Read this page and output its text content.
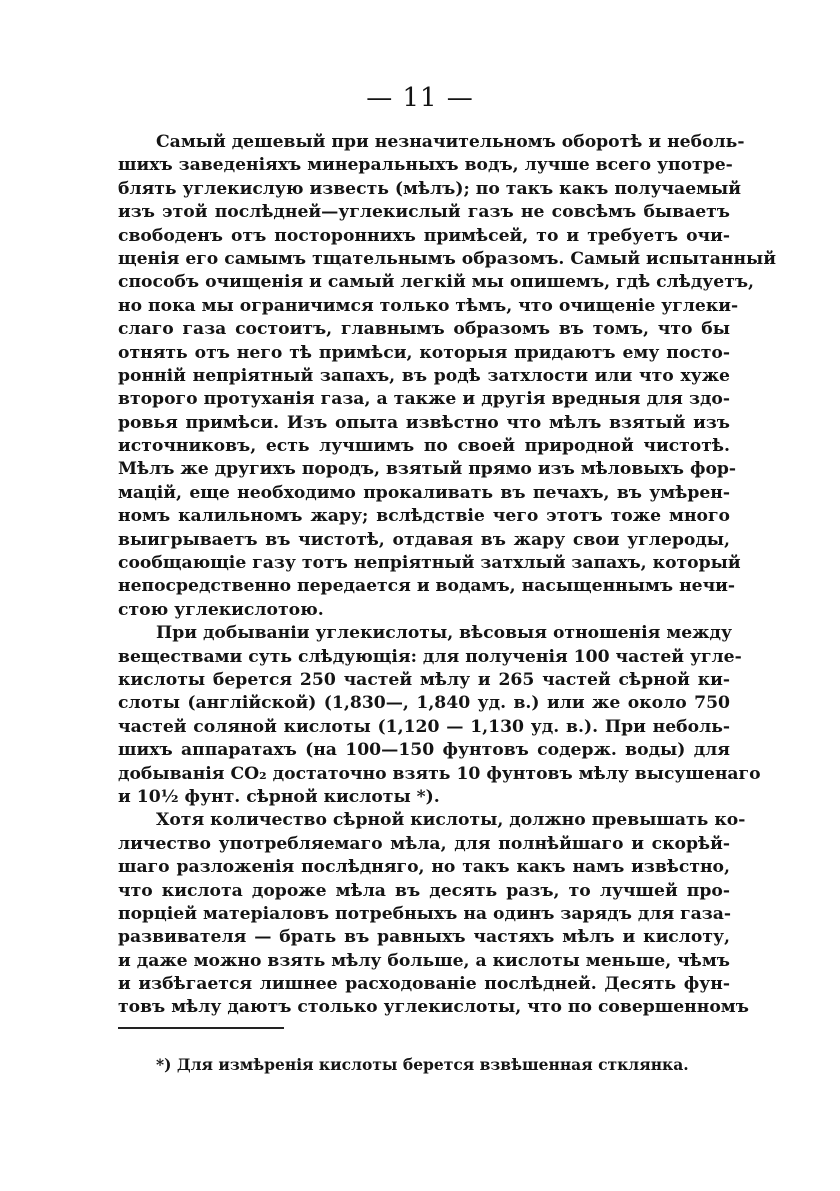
— 11 —
Самый дешевый при незначительномъ оборотѣ и неболь-
шихъ заведенiяхъ минеральныхъ водъ, лучше всего употре-
блять углекислую известь (мѣлъ); по такъ какъ получаемый
изъ этой послѣдней—углекислый газъ не совсѣмъ бываетъ
свободенъ отъ постороннихъ примѣсей, то и требуетъ очи-
щенiя его самымъ тщательнымъ образомъ. Самый испытанный
способъ очищенiя и самый легкiй мы опишемъ, гдѣ слѣдуетъ,
но пока мы ограничимся только тѣмъ, что очищенiе углеки-
слаго газа состоитъ, главнымъ образомъ въ томъ, что бы
отнять отъ него тѣ примѣси, которыя придаютъ ему посто-
ронній непрiятный запахъ, въ родѣ затхлости или что хуже
второго протуханiя газа, а также и другiя вредныя для здо-
ровья примѣси. Изъ опыта извѣстно что мѣлъ взятый изъ
источниковъ, есть лучшимъ по своей природной чистотѣ.
Мѣлъ же другихъ породъ, взятый прямо изъ мѣловыхъ фор-
мацiй, еще необходимо прокаливать въ печахъ, въ умѣрен-
номъ калильномъ жару; вслѣдствiе чего этотъ тоже много
выигрываетъ въ чистотѣ, отдавая въ жару свои углероды,
сообщающiе газу тотъ непрiятный затхлый запахъ, который
непосредственно передается и водамъ, насыщеннымъ нечи-
стою углекислотою.
При добываніи углекислоты, вѣсовыя отношенiя между
веществами суть слѣдующiя: для полученiя 100 частей угле-
кислоты берется 250 частей мѣлу и 265 частей сѣрной ки-
слоты (англiйской) (1,830—, 1,840 уд. в.) или же около 750
частей соляной кислоты (1,120 — 1,130 уд. в.). При неболь-
шихъ аппаратахъ (на 100—150 фунтовъ содерж. воды) для
добыванiя CO₂ достаточно взять 10 фунтовъ мѣлу высушенаго
и 10½ фунт. сѣрной кислоты *).
Хотя количество сѣрной кислоты, должно превышать ко-
личество употребляемаго мѣла, для полнѣйшаго и скорѣй-
шаго разложенiя послѣдняго, но такъ какъ намъ извѣстно,
что кислота дороже мѣла въ десять разъ, то лучшей про-
порцiей матерiаловъ потребныхъ на одинъ зарядъ для газа-
развивателя — брать въ равныхъ частяхъ мѣлъ и кислоту,
и даже можно взять мѣлу больше, а кислоты меньше, чѣмъ
и избѣгается лишнее расходованiе послѣдней. Десять фун-
товъ мѣлу даютъ столько углекислоты, что по совершенномъ
*) Для измѣренiя кислоты берется взвѣшенная стклянка.
